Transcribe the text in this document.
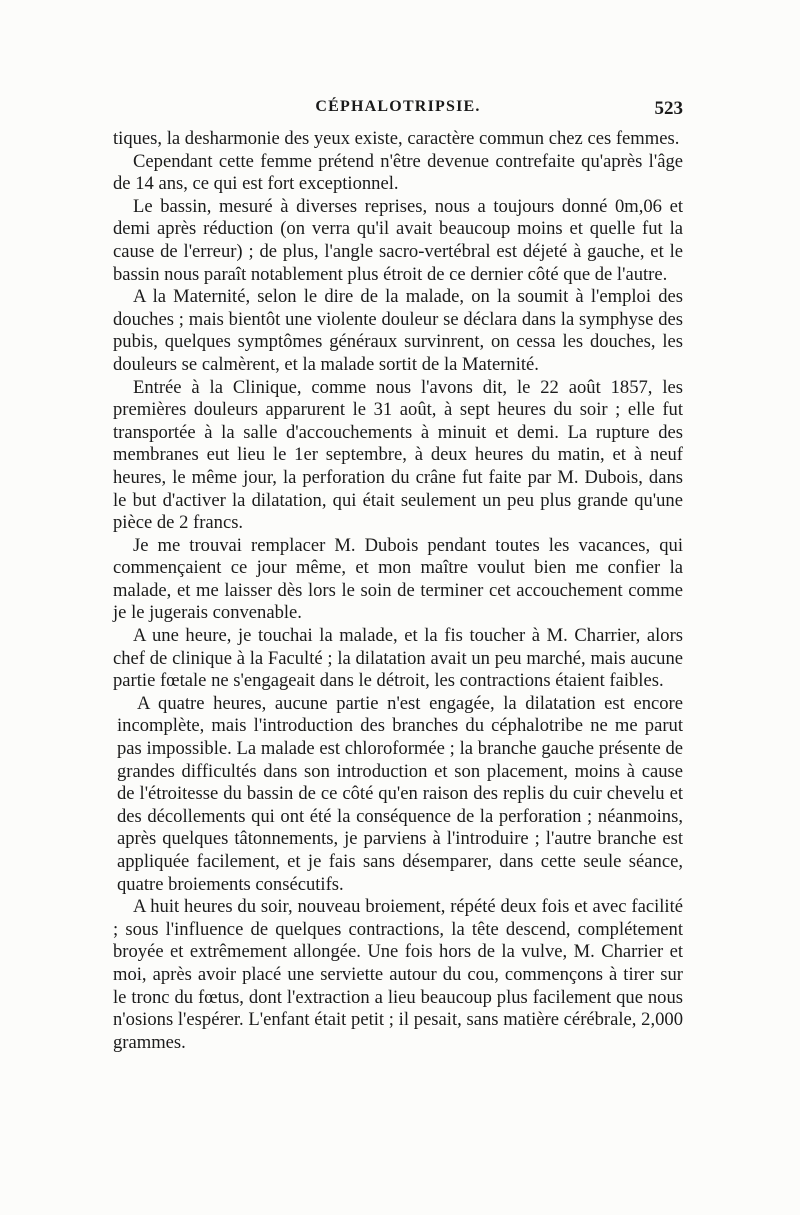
CÉPHALOTRIPSIE.	523

tiques, la desharmonie des yeux existe, caractère commun chez ces femmes.

Cependant cette femme prétend n'être devenue contrefaite qu'après l'âge de 14 ans, ce qui est fort exceptionnel.

Le bassin, mesuré à diverses reprises, nous a toujours donné 0m,06 et demi après réduction (on verra qu'il avait beaucoup moins et quelle fut la cause de l'erreur) ; de plus, l'angle sacro-vertébral est déjeté à gauche, et le bassin nous paraît notablement plus étroit de ce dernier côté que de l'autre.

A la Maternité, selon le dire de la malade, on la soumit à l'emploi des douches ; mais bientôt une violente douleur se déclara dans la symphyse des pubis, quelques symptômes généraux survinrent, on cessa les douches, les douleurs se calmèrent, et la malade sortit de la Maternité.

Entrée à la Clinique, comme nous l'avons dit, le 22 août 1857, les premières douleurs apparurent le 31 août, à sept heures du soir ; elle fut transportée à la salle d'accouchements à minuit et demi. La rupture des membranes eut lieu le 1er septembre, à deux heures du matin, et à neuf heures, le même jour, la perforation du crâne fut faite par M. Dubois, dans le but d'activer la dilatation, qui était seulement un peu plus grande qu'une pièce de 2 francs.

Je me trouvai remplacer M. Dubois pendant toutes les vacances, qui commençaient ce jour même, et mon maître voulut bien me confier la malade, et me laisser dès lors le soin de terminer cet accouchement comme je le jugerais convenable.

A une heure, je touchai la malade, et la fis toucher à M. Charrier, alors chef de clinique à la Faculté ; la dilatation avait un peu marché, mais aucune partie fœtale ne s'engageait dans le détroit, les contractions étaient faibles.

A quatre heures, aucune partie n'est engagée, la dilatation est encore incomplète, mais l'introduction des branches du céphalotribe ne me parut pas impossible. La malade est chloroformée ; la branche gauche présente de grandes difficultés dans son introduction et son placement, moins à cause de l'étroitesse du bassin de ce côté qu'en raison des replis du cuir chevelu et des décollements qui ont été la conséquence de la perforation ; néanmoins, après quelques tâtonnements, je parviens à l'introduire ; l'autre branche est appliquée facilement, et je fais sans désemparer, dans cette seule séance, quatre broiements consécutifs.

A huit heures du soir, nouveau broiement, répété deux fois et avec facilité ; sous l'influence de quelques contractions, la tête descend, complétement broyée et extrêmement allongée. Une fois hors de la vulve, M. Charrier et moi, après avoir placé une serviette autour du cou, commençons à tirer sur le tronc du fœtus, dont l'extraction a lieu beaucoup plus facilement que nous n'osions l'espérer. L'enfant était petit ; il pesait, sans matière cérébrale, 2,000 grammes.
